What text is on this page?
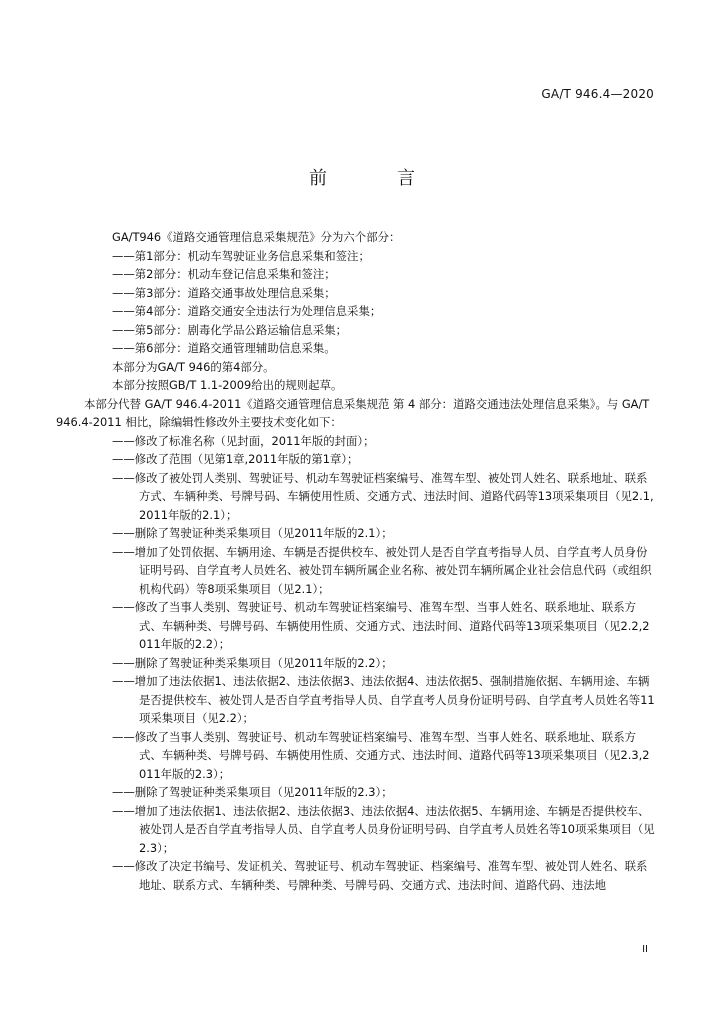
GA/T 946.4—2020
前　言

GA/T946《道路交通管理信息采集规范》分为六个部分：

——第1部分：机动车驾驶证业务信息采集和签注；

——第2部分：机动车登记信息采集和签注；

——第3部分：道路交通事故处理信息采集；

——第4部分：道路交通安全违法行为处理信息采集；

——第5部分：剧毒化学品公路运输信息采集；

——第6部分：道路交通管理辅助信息采集。

本部分为GA/T 946的第4部分。

本部分按照GB/T 1.1-2009给出的规则起草。

本部分代替 GA/T 946.4-2011《道路交通管理信息采集规范 第 4 部分：道路交通违法处理信息采集》。与 GA/T 946.4-2011 相比，除编辑性修改外主要技术变化如下：

——修改了标准名称（见封面，2011年版的封面）；

——修改了范围（见第1章,2011年版的第1章）；

——修改了被处罚人类别、驾驶证号、机动车驾驶证档案编号、准驾车型、被处罚人姓名、联系地址、联系方式、车辆种类、号牌号码、车辆使用性质、交通方式、违法时间、道路代码等13项采集项目（见2.1,2011年版的2.1）；

——删除了驾驶证种类采集项目（见2011年版的2.1）；

——增加了处罚依据、车辆用途、车辆是否提供校车、被处罚人是否自学直考指导人员、自学直考人员身份证明号码、自学直考人员姓名、被处罚车辆所属企业名称、被处罚车辆所属企业社会信息代码（或组织机构代码）等8项采集项目（见2.1）；

——修改了当事人类别、驾驶证号、机动车驾驶证档案编号、准驾车型、当事人姓名、联系地址、联系方式、车辆种类、号牌号码、车辆使用性质、交通方式、违法时间、道路代码等13项采集项目（见2.2,2011年版的2.2）；

——删除了驾驶证种类采集项目（见2011年版的2.2）；

——增加了违法依据1、违法依据2、违法依据3、违法依据4、违法依据5、强制措施依据、车辆用途、车辆是否提供校车、被处罚人是否自学直考指导人员、自学直考人员身份证明号码、自学直考人员姓名等11项采集项目（见2.2）；

——修改了当事人类别、驾驶证号、机动车驾驶证档案编号、准驾车型、当事人姓名、联系地址、联系方式、车辆种类、号牌号码、车辆使用性质、交通方式、违法时间、道路代码等13项采集项目（见2.3,2011年版的2.3）；

——删除了驾驶证种类采集项目（见2011年版的2.3）；

——增加了违法依据1、违法依据2、违法依据3、违法依据4、违法依据5、车辆用途、车辆是否提供校车、被处罚人是否自学直考指导人员、自学直考人员身份证明号码、自学直考人员姓名等10项采集项目（见2.3）；

——修改了决定书编号、发证机关、驾驶证号、机动车驾驶证、档案编号、准驾车型、被处罚人姓名、联系地址、联系方式、车辆种类、号牌种类、号牌号码、交通方式、违法时间、道路代码、违法地

II
